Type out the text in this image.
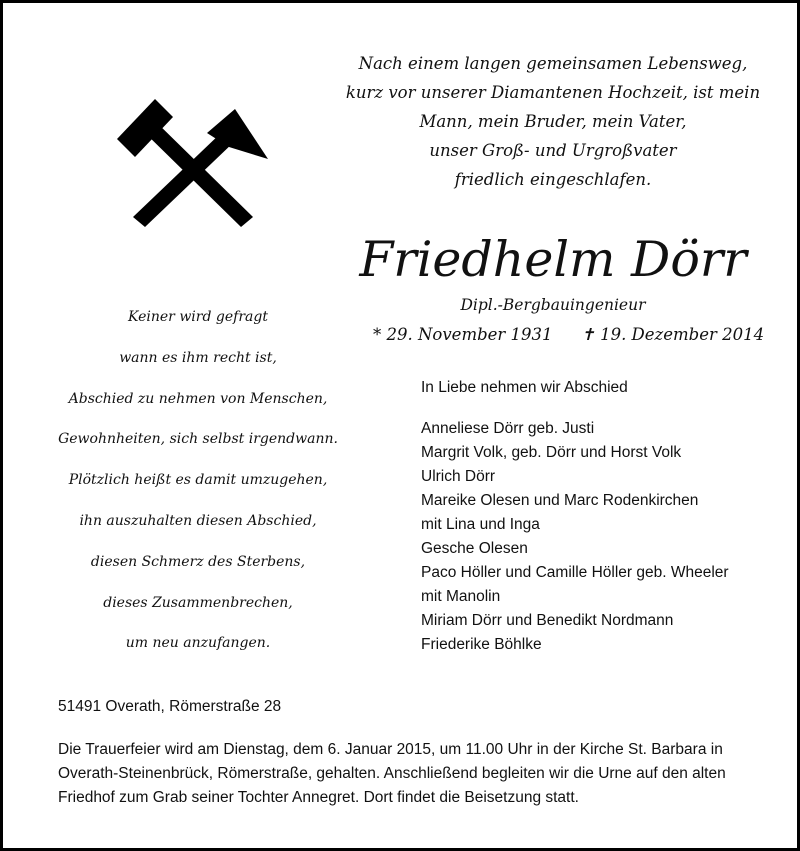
Nach einem langen gemeinsamen Lebensweg,
kurz vor unserer Diamantenen Hochzeit, ist mein
Mann, mein Bruder, mein Vater,
unser Groß- und Urgroßvater
friedlich eingeschlafen.
Friedhelm Dörr
Dipl.-Bergbauingenieur
* 29. November 1931 ✝ 19. Dezember 2014
Keiner wird gefragt
wann es ihm recht ist,
Abschied zu nehmen von Menschen,
Gewohnheiten, sich selbst irgendwann.
Plötzlich heißt es damit umzugehen,
ihn auszuhalten diesen Abschied,
diesen Schmerz des Sterbens,
dieses Zusammenbrechen,
um neu anzufangen.
In Liebe nehmen wir Abschied
Anneliese Dörr geb. Justi
Margrit Volk, geb. Dörr und Horst Volk
Ulrich Dörr
Mareike Olesen und Marc Rodenkirchen
mit Lina und Inga
Gesche Olesen
Paco Höller und Camille Höller geb. Wheeler
mit Manolin
Miriam Dörr und Benedikt Nordmann
Friederike Böhlke
51491 Overath, Römerstraße 28
Die Trauerfeier wird am Dienstag, dem 6. Januar 2015, um 11.00 Uhr in der Kirche St. Barbara in
Overath-Steinenbrück, Römerstraße, gehalten. Anschließend begleiten wir die Urne auf den alten
Friedhof zum Grab seiner Tochter Annegret. Dort findet die Beisetzung statt.
